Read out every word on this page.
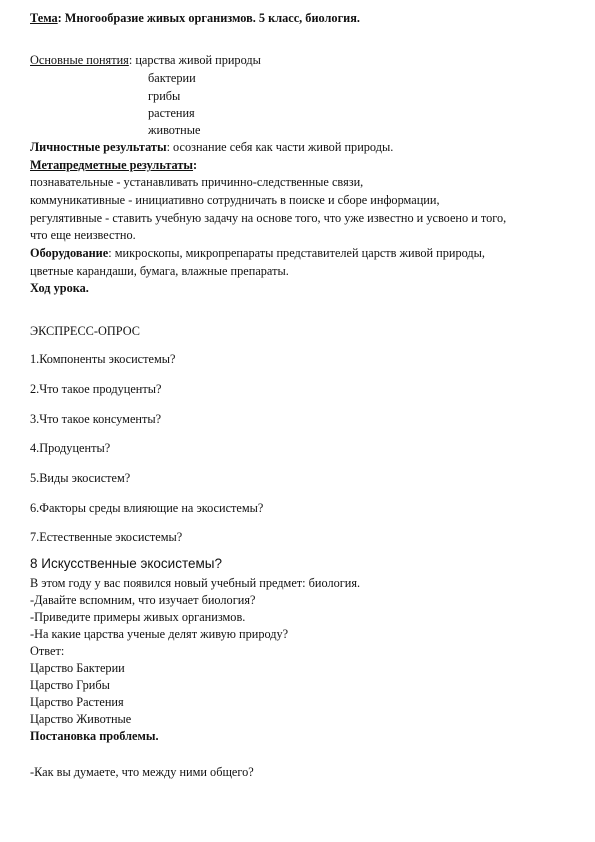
Тема: Многообразие живых организмов. 5 класс, биология.
Основные понятия: царства живой природы
бактерии
грибы
растения
животные
Личностные результаты: осознание себя как части живой природы.
Метапредметные результаты:
познавательные - устанавливать причинно-следственные связи,
коммуникативные - инициативно сотрудничать в поиске и сборе информации,
регулятивные - ставить учебную задачу на основе того, что уже известно и усвоено и того,
что еще неизвестно.
Оборудование: микроскопы, микропрепараты представителей царств живой природы,
цветные карандаши, бумага, влажные препараты.
Ход урока.
ЭКСПРЕСС-ОПРОС
1.Компоненты экосистемы?
2.Что такое продуценты?
3.Что такое консументы?
4.Продуценты?
5.Виды экосистем?
6.Факторы среды влияющие на экосистемы?
7.Естественные экосистемы?
8 Искусственные экосистемы?
В этом году у вас появился новый учебный предмет: биология.
-Давайте вспомним, что изучает биология?
-Приведите примеры живых организмов.
-На какие царства ученые делят живую природу?
Ответ:
Царство Бактерии
Царство Грибы
Царство Растения
Царство Животные
Постановка проблемы.
-Как вы думаете, что между ними общего?
